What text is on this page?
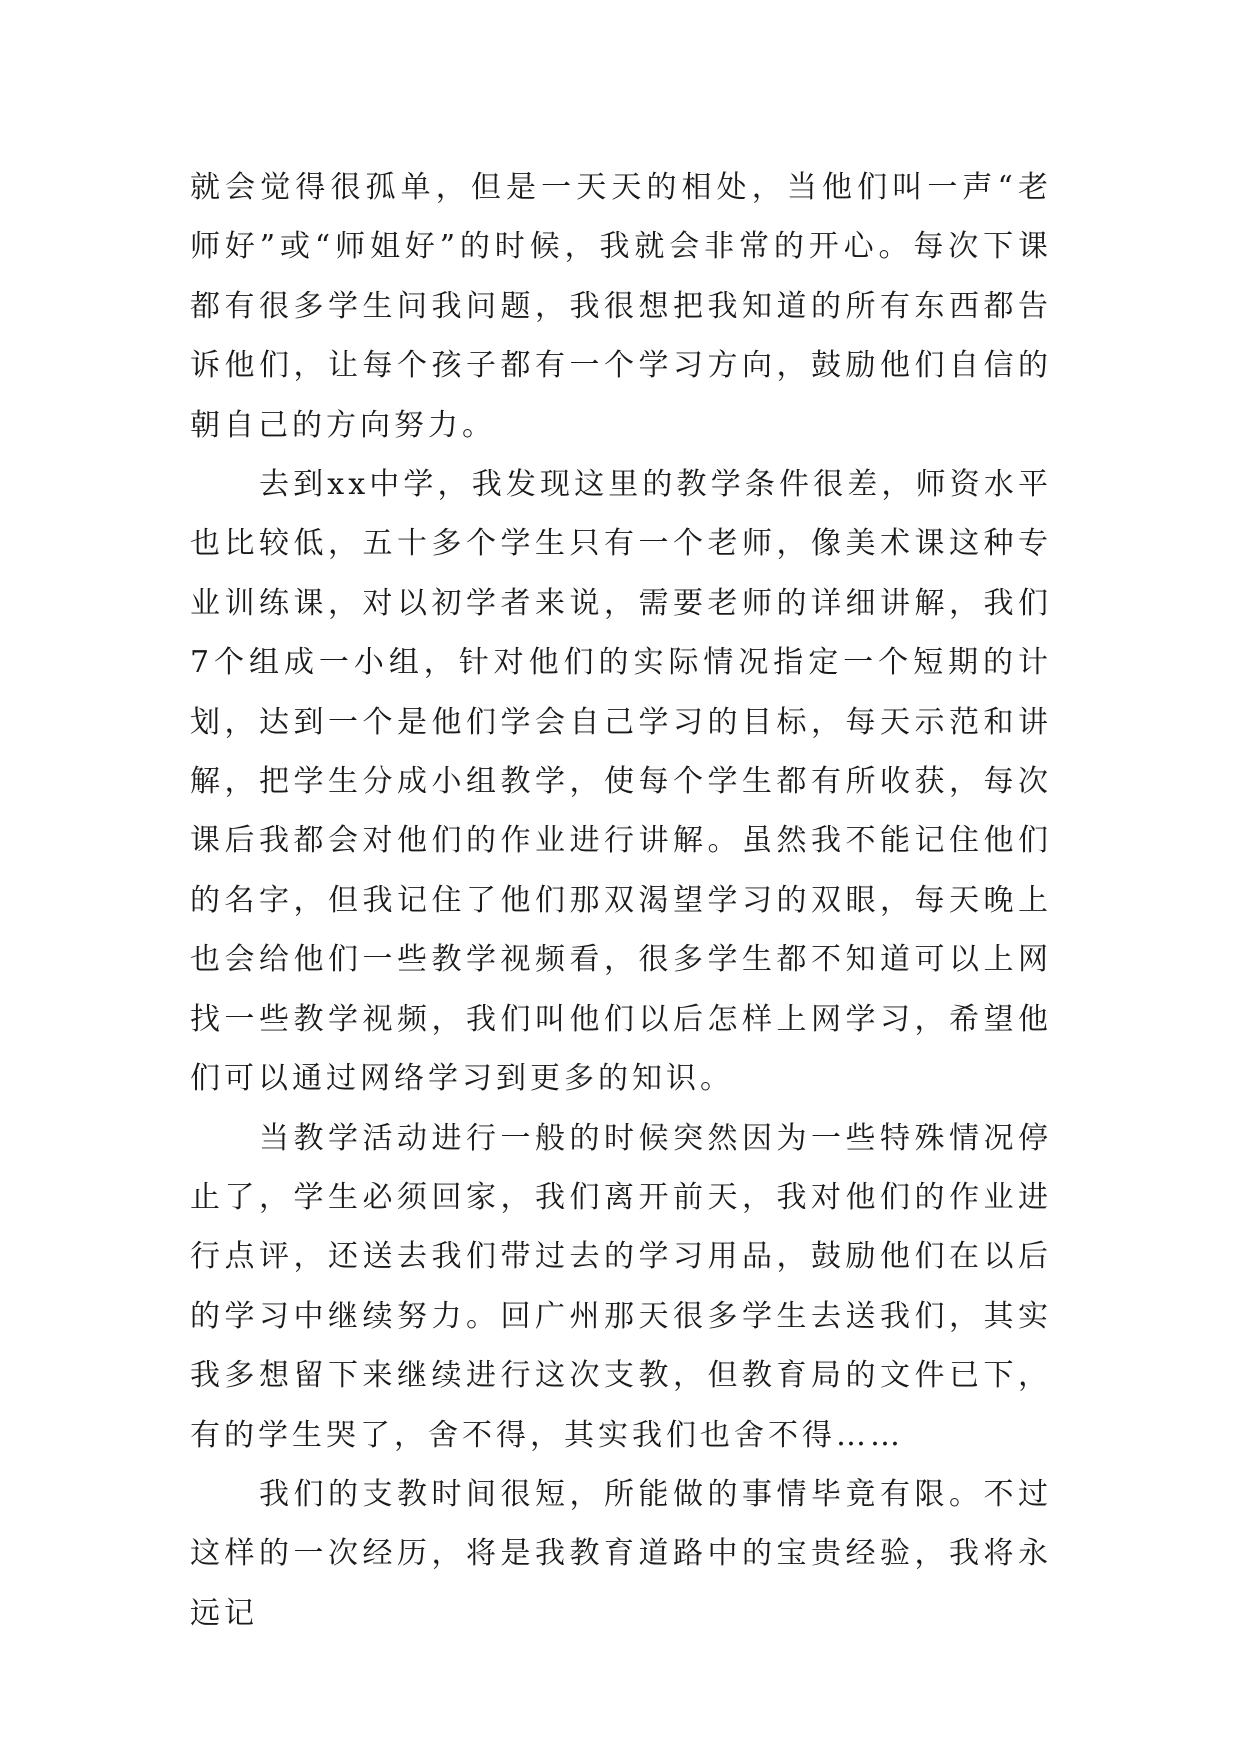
就会觉得很孤单，但是一天天的相处，当他们叫一声“老师好”或“师姐好”的时候，我就会非常的开心。每次下课都有很多学生问我问题，我很想把我知道的所有东西都告诉他们，让每个孩子都有一个学习方向，鼓励他们自信的朝自己的方向努力。

去到xx中学，我发现这里的教学条件很差，师资水平也比较低，五十多个学生只有一个老师，像美术课这种专业训练课，对以初学者来说，需要老师的详细讲解，我们7个组成一小组，针对他们的实际情况指定一个短期的计划，达到一个是他们学会自己学习的目标，每天示范和讲解，把学生分成小组教学，使每个学生都有所收获，每次课后我都会对他们的作业进行讲解。虽然我不能记住他们的名字，但我记住了他们那双渴望学习的双眼，每天晚上也会给他们一些教学视频看，很多学生都不知道可以上网找一些教学视频，我们叫他们以后怎样上网学习，希望他们可以通过网络学习到更多的知识。

当教学活动进行一般的时候突然因为一些特殊情况停止了，学生必须回家，我们离开前天，我对他们的作业进行点评，还送去我们带过去的学习用品，鼓励他们在以后的学习中继续努力。回广州那天很多学生去送我们，其实我多想留下来继续进行这次支教，但教育局的文件已下，有的学生哭了，舍不得，其实我们也舍不得……

我们的支教时间很短，所能做的事情毕竟有限。不过这样的一次经历，将是我教育道路中的宝贵经验，我将永远记
